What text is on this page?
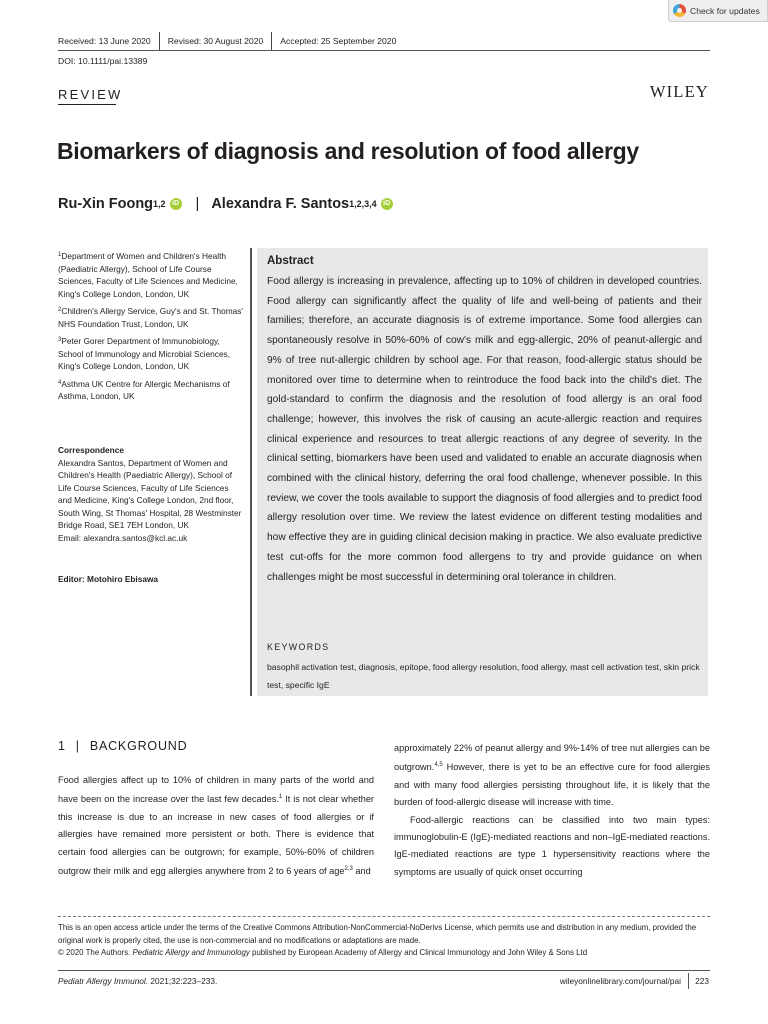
Check for updates
Received: 13 June 2020 Revised: 30 August 2020 Accepted: 25 September 2020
DOI: 10.1111/pai.13389
REVIEW	WILEY
Biomarkers of diagnosis and resolution of food allergy
Ru-Xin Foong 1,2 iD | Alexandra F. Santos 1,2,3,4 iD

$^1$Department of Women and Children's Health (Paediatric Allergy), School of Life Course Sciences, Faculty of Life Sciences and Medicine, King's College London, London, UK

$^2$Children's Allergy Service, Guy's and St. Thomas' NHS Foundation Trust, London, UK

$^3$Peter Gorer Department of Immunobiology, School of Immunology and Microbial Sciences, King's College London, London, UK

$^4$Asthma UK Centre for Allergic Mechanisms of Asthma, London, UK

Correspondence
Alexandra Santos, Department of Women and Children's Health (Paediatric Allergy), School of Life Course Sciences, Faculty of Life Sciences and Medicine, King's College London, 2nd floor, South Wing, St Thomas' Hospital, 28 Westminster Bridge Road, SE1 7EH London, UK
Email: alexandra.santos@kcl.ac.uk
Editor: Motohiro Ebisawa
Abstract
Food allergy is increasing in prevalence, affecting up to 10% of children in developed countries. Food allergy can significantly affect the quality of life and well-being of patients and their families; therefore, an accurate diagnosis is of extreme importance. Some food allergies can spontaneously resolve in 50%-60% of cow's milk and egg-allergic, 20% of peanut-allergic and 9% of tree nut-allergic children by school age. For that reason, food-allergic status should be monitored over time to determine when to reintroduce the food back into the child's diet. The gold-standard to confirm the diagnosis and the resolution of food allergy is an oral food challenge; however, this involves the risk of causing an acute-allergic reaction and requires clinical experience and resources to treat allergic reactions of any degree of severity. In the clinical setting, biomarkers have been used and validated to enable an accurate diagnosis when combined with the clinical history, deferring the oral food challenge, whenever possible. In this review, we cover the tools available to support the diagnosis of food allergies and to predict food allergy resolution over time. We review the latest evidence on different testing modalities and how effective they are in guiding clinical decision making in practice. We also evaluate predictive test cut-offs for the more common food allergens to try and provide guidance on when challenges might be most successful in determining oral tolerance in children.
KEYWORDS
basophil activation test, diagnosis, epitope, food allergy resolution, food allergy, mast cell activation test, skin prick test, specific IgE
1 | BACKGROUND

Food allergies affect up to 10% of children in many parts of the world and have been on the increase over the last few decades.$^1$ It is not clear whether this increase is due to an increase in new cases of food allergies or if allergies have remained more persistent or both. There is evidence that certain food allergies can be outgrown; for example, 50%-60% of children outgrow their milk and egg allergies anywhere from 2 to 6 years of age$^{2,3}$ and

approximately 22% of peanut allergy and 9%-14% of tree nut allergies can be outgrown.$^{4,5}$ However, there is yet to be an effective cure for food allergies and with many food allergies persisting throughout life, it is likely that the burden of food-allergic disease will increase with time.

Food-allergic reactions can be classified into two main types: immunoglobulin-E (IgE)-mediated reactions and non–IgE-mediated reactions. IgE-mediated reactions are type 1 hypersensitivity reactions where the symptoms are usually of quick onset occurring

This is an open access article under the terms of the Creative Commons Attribution-NonCommercial-NoDerivs License, which permits use and distribution in any medium, provided the original work is properly cited, the use is non-commercial and no modifications or adaptations are made.

© 2020 The Authors. Pediatric Allergy and Immunology published by European Academy of Allergy and Clinical Immunology and John Wiley & Sons Ltd

Pediatr Allergy Immunol. 2021;32:223–233.	wileyonlinelibrary.com/journal/pai 223
